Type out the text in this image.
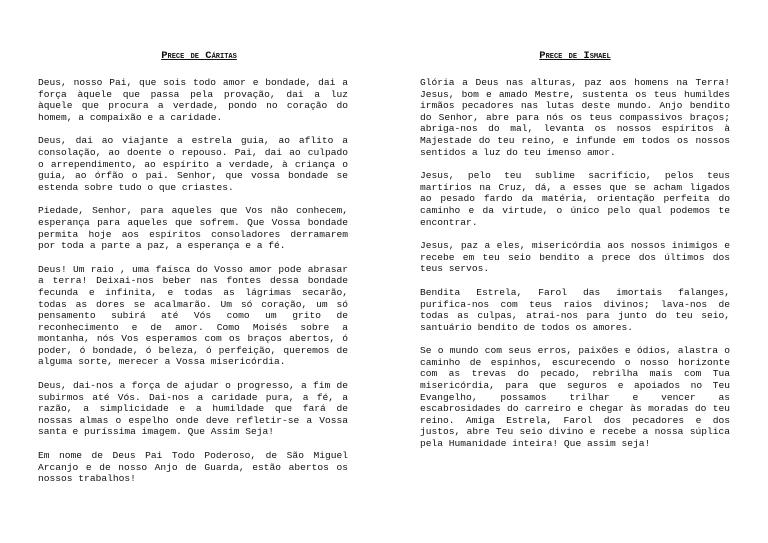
Prece de Cáritas

Deus, nosso Pai, que sois todo amor e bondade, dai a força àquele que passa pela provação, dai a luz àquele que procura a verdade, pondo no coração do homem, a compaixão e a caridade.

Deus, dai ao viajante a estrela guia, ao aflito a consolação, ao doente o repouso. Pai, dai ao culpado o arrependimento, ao espírito a verdade, à criança o guia, ao órfão o pai. Senhor, que vossa bondade se estenda sobre tudo o que criastes.

Piedade, Senhor, para aqueles que Vos não conhecem, esperança para aqueles que sofrem. Que Vossa bondade permita hoje aos espíritos consoladores derramarem por toda a parte a paz, a esperança e a fé.

Deus! Um raio , uma faísca do Vosso amor pode abrasar a terra! Deixai-nos beber nas fontes dessa bondade fecunda e infinita, e todas as lágrimas secarão, todas as dores se acalmarão. Um só coração, um só pensamento subirá até Vós como um grito de reconhecimento e de amor. Como Moisés sobre a montanha, nós Vos esperamos com os braços abertos, ó poder, ó bondade, ó beleza, ó perfeição, queremos de alguma sorte, merecer a Vossa misericórdia.

Deus, dai-nos a força de ajudar o progresso, a fim de subirmos até Vós. Dai-nos a caridade pura, a fé, a razão, a simplicidade e a humildade que fará de nossas almas o espelho onde deve refletir-se a Vossa santa e puríssima imagem. Que Assim Seja!

Em nome de Deus Pai Todo Poderoso, de São Miguel Arcanjo e de nosso Anjo de Guarda, estão abertos os nossos trabalhos!

Prece de Ismael

Glória a Deus nas alturas, paz aos homens na Terra! Jesus, bom e amado Mestre, sustenta os teus humildes irmãos pecadores nas lutas deste mundo. Anjo bendito do Senhor, abre para nós os teus compassivos braços; abriga-nos do mal, levanta os nossos espíritos à Majestade do teu reino, e infunde em todos os nossos sentidos a luz do teu imenso amor.

Jesus, pelo teu sublime sacrifício, pelos teus martírios na Cruz, dá, a esses que se acham ligados ao pesado fardo da matéria, orientação perfeita do caminho e da virtude, o único pelo qual podemos te encontrar.

Jesus, paz a eles, misericórdia aos nossos inimigos e recebe em teu seio bendito a prece dos últimos dos teus servos.

Bendita Estrela, Farol das imortais falanges, purifica-nos com teus raios divinos; lava-nos de todas as culpas, atrai-nos para junto do teu seio, santuário bendito de todos os amores.

Se o mundo com seus erros, paixões e ódios, alastra o caminho de espinhos, escurecendo o nosso horizonte com as trevas do pecado, rebrilha mais com Tua misericórdia, para que seguros e apoiados no Teu Evangelho, possamos trilhar e vencer as escabrosidades do carreiro e chegar às moradas do teu reino. Amiga Estrela, Farol dos pecadores e dos justos, abre Teu seio divino e recebe a nossa súplica pela Humanidade inteira! Que assim seja!
